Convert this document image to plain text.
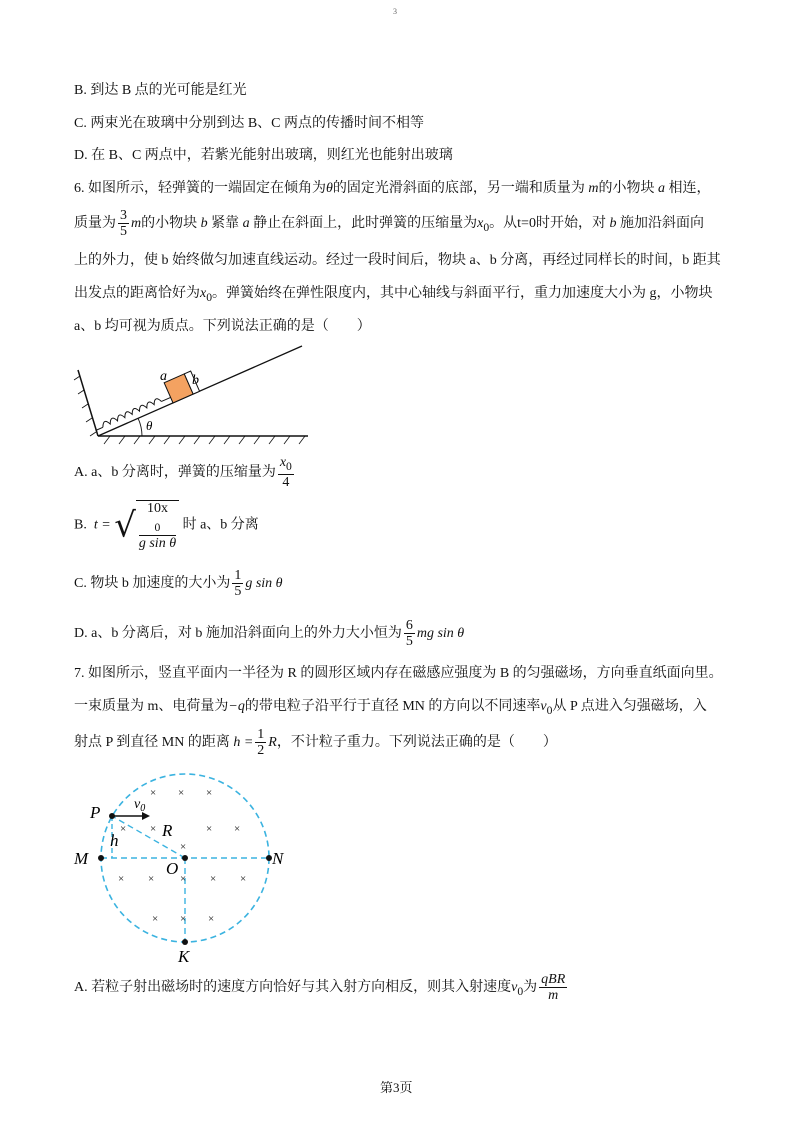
3
B. 到达 B 点的光可能是红光
C. 两束光在玻璃中分别到达 B、C 两点的传播时间不相等
D. 在 B、C 两点中，若紫光能射出玻璃，则红光也能射出玻璃
6. 如图所示，轻弹簧的一端固定在倾角为θ的固定光滑斜面的底部，另一端和质量为 m的小物块 a 相连，
质量为 $\frac{3}{5}$ m的小物块 b 紧靠 a 静止在斜面上，此时弹簧的压缩量为$x_0$。从t=0时开始，对 b 施加沿斜面向
上的外力，使 b 始终做匀加速直线运动。经过一段时间后，物块 a、b 分离，再经过同样长的时间，b 距其
出发点的距离恰好为$x_0$。弹簧始终在弹性限度内，其中心轴线与斜面平行，重力加速度大小为 g，小物块
a、b 均可视为质点。下列说法正确的是（　　）
θ
a b
A. a、b 分离时，弹簧的压缩量为 $\frac{x_0}{4}$
B. t = √ 10x
$_0$
g sin θ 时 a、b 分离
C. 物块 b 加速度的大小为 $\frac{1}{5}$ g sin θ
D. a、b 分离后，对 b 施加沿斜面向上的外力大小恒为 $\frac{6}{5}$ mg sin θ
7. 如图所示，竖直平面内一半径为 R 的圆形区域内存在磁感应强度为 B 的匀强磁场，方向垂直纸面向里。
一束质量为 m、电荷量为−q的带电粒子沿平行于直径 MN 的方向以不同速率$v_0$从 P 点进入匀强磁场，入
射点 P 到直径 MN 的距离 $h = \frac{1}{2}$ R，不计粒子重力。下列说法正确的是（　　）
× × ×
× ×	× ×
×
× × × × ×
× × ×
P $v_0$
R
h
M
O
N
K
A. 若粒子射出磁场时的速度方向恰好与其入射方向相反，则其入射速度$v_0$为 $\frac{\text{qBR}}{m}$
第3页
